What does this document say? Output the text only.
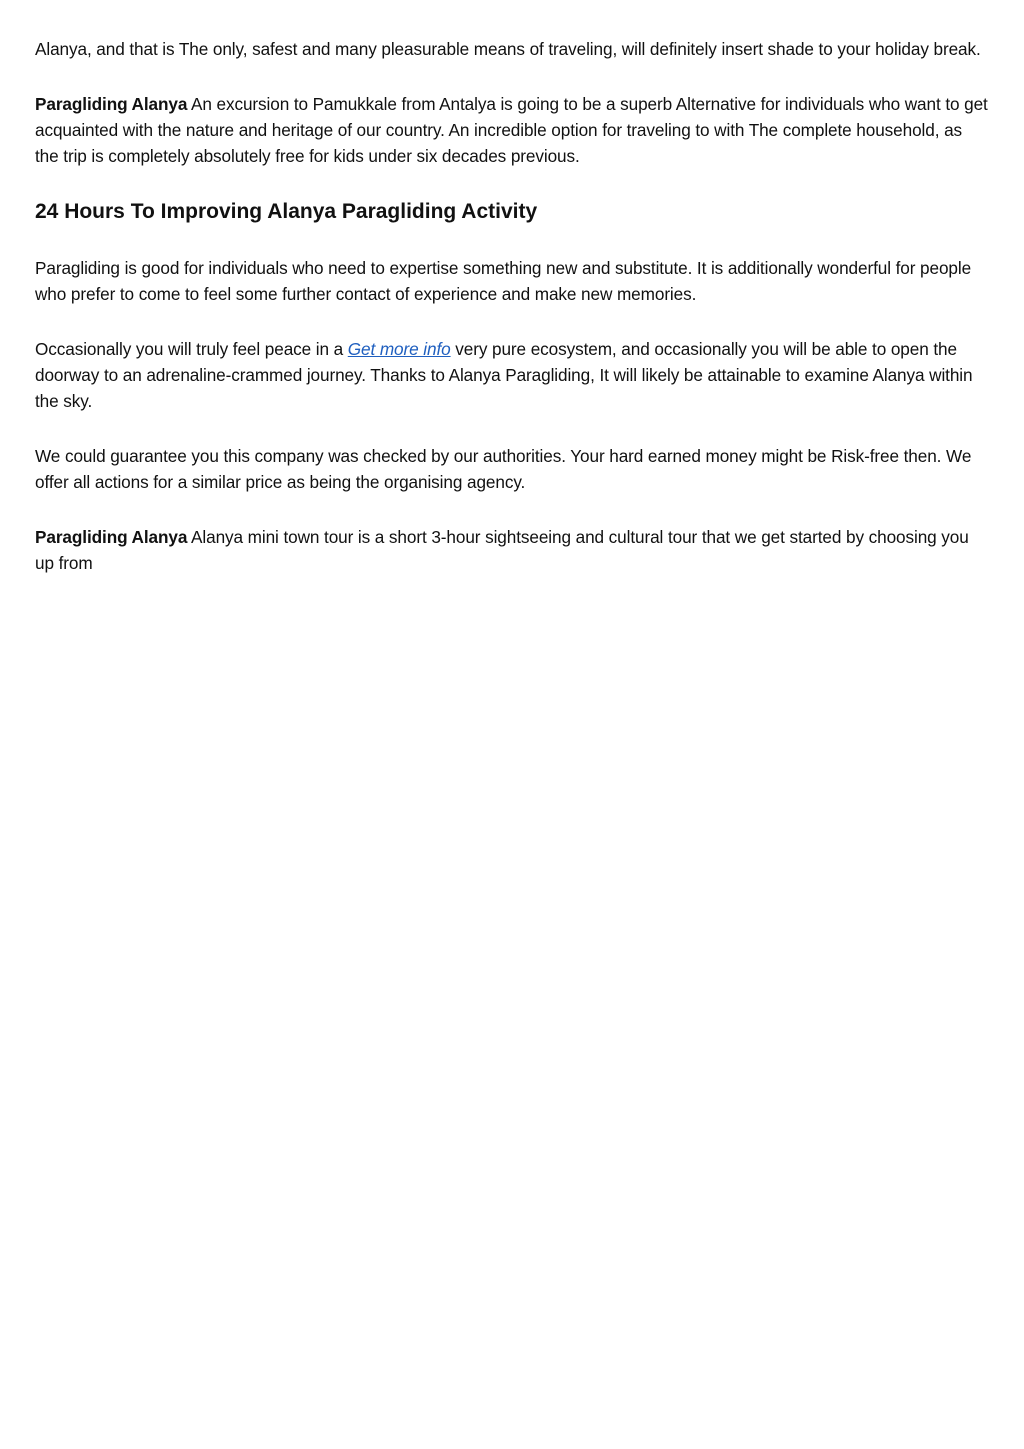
Alanya, and that is The only, safest and many pleasurable means of traveling, will definitely insert shade to your holiday break.

Paragliding Alanya An excursion to Pamukkale from Antalya is going to be a superb Alternative for individuals who want to get acquainted with the nature and heritage of our country. An incredible option for traveling to with The complete household, as the trip is completely absolutely free for kids under six decades previous.

24 Hours To Improving Alanya Paragliding Activity

Paragliding is good for individuals who need to expertise something new and substitute. It is additionally wonderful for people who prefer to come to feel some further contact of experience and make new memories.

Occasionally you will truly feel peace in a Get more info very pure ecosystem, and occasionally you will be able to open the doorway to an adrenaline-crammed journey. Thanks to Alanya Paragliding, It will likely be attainable to examine Alanya within the sky.

We could guarantee you this company was checked by our authorities. Your hard earned money might be Risk-free then. We offer all actions for a similar price as being the organising agency.

Paragliding Alanya Alanya mini town tour is a short 3-hour sightseeing and cultural tour that we get started by choosing you up from
